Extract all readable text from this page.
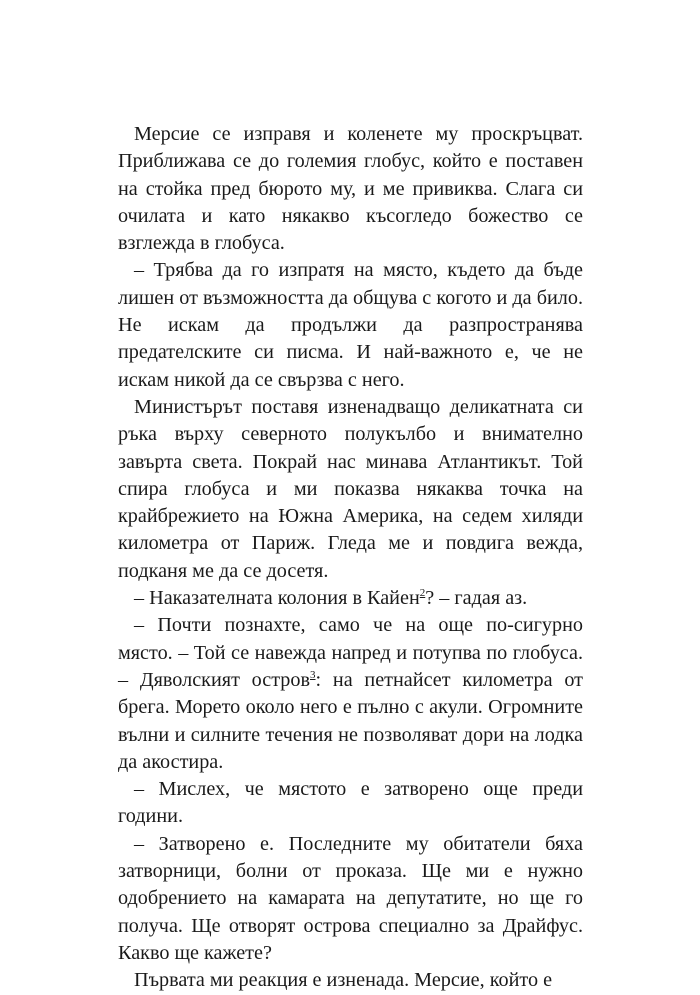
Мерсие се изправя и коленете му проскръцват. Приближава се до големия глобус, който е поставен на стойка пред бюрото му, и ме привиква. Слага си очилата и като някакво късогледо божество се взглежда в глобуса.

– Трябва да го изпратя на място, където да бъде лишен от възможността да общува с когото и да било. Не искам да продължи да разпространява предателските си писма. И най-важното е, че не искам никой да се свързва с него.

Министърът поставя изненадващо деликатната си ръка върху северното полукълбо и внимателно завърта света. Покрай нас минава Атлантикът. Той спира глобуса и ми показва някаква точка на крайбрежието на Южна Америка, на седем хиляди километра от Париж. Гледа ме и повдига вежда, подканя ме да се досетя.

– Наказателната колония в Кайен$^2$? – гадая аз.

– Почти познахте, само че на още по-сигурно място. – Той се навежда напред и потупва по глобуса. – Дяволският остров$^3$: на петнайсет километра от брега. Морето около него е пълно с акули. Огромните вълни и силните течения не позволяват дори на лодка да акостира.

– Мислех, че мястото е затворено още преди години.

– Затворено е. Последните му обитатели бяха затворници, болни от проказа. Ще ми е нужно одобрението на камарата на депутатите, но ще го получа. Ще отворят острова специално за Драйфус. Какво ще кажете?

Първата ми реакция е изненада. Мерсие, който е
